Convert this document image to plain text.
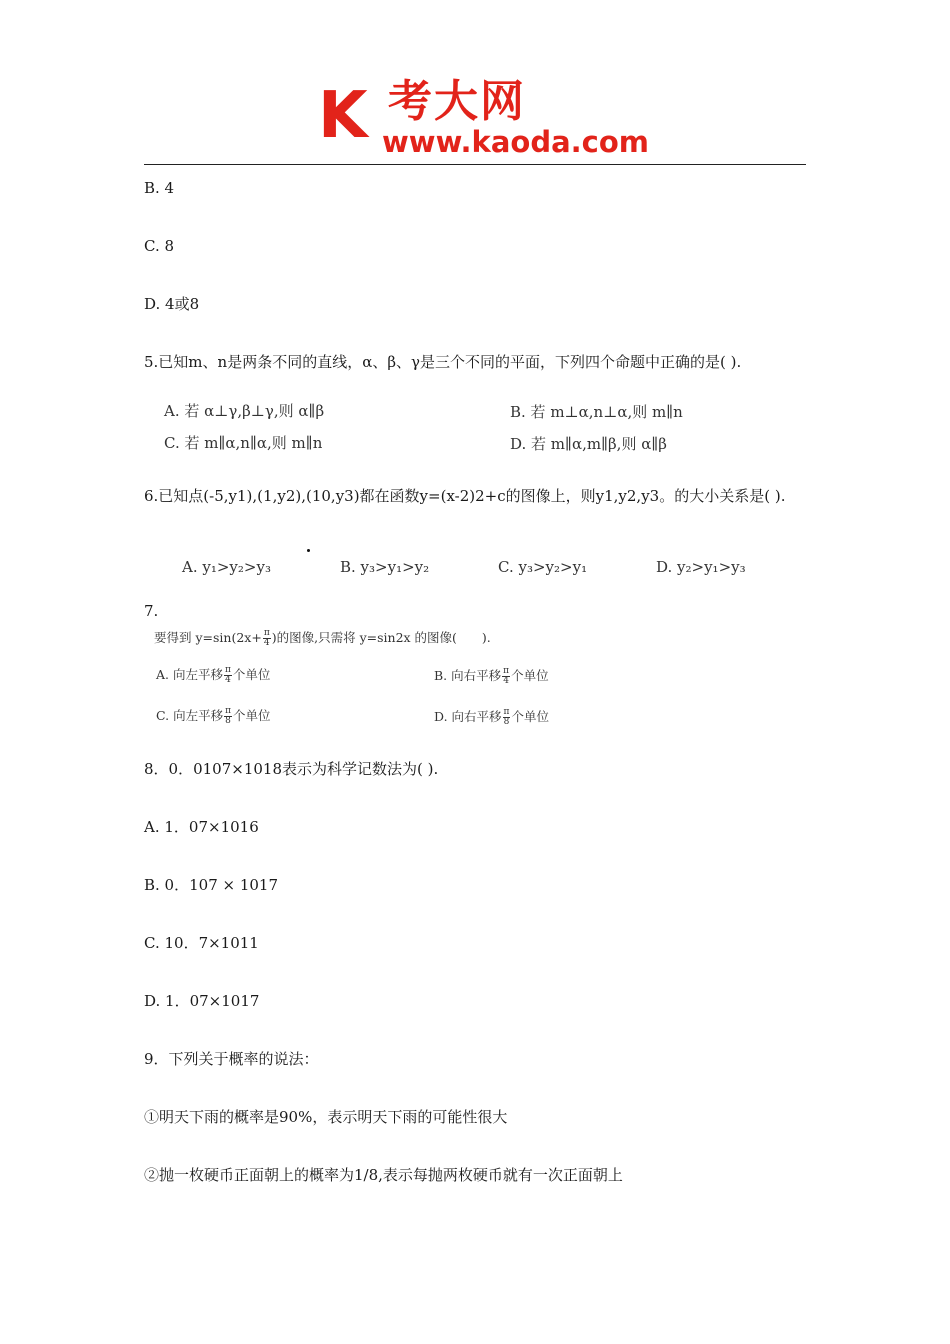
K 考大网
www.kaoda.com
B. 4
C. 8
D. 4或8
5.已知m、n是两条不同的直线，α、β、γ是三个不同的平面，下列四个命题中正确的是( ).
A. 若 α⊥γ,β⊥γ,则 α∥β	B. 若 m⊥α,n⊥α,则 m∥n
C. 若 m∥α,n∥α,则 m∥n	D. 若 m∥α,m∥β,则 α∥β
6.已知点(-5,y1),(1,y2),(10,y3)都在函数y=(x-2)2+c的图像上，则y1,y2,y3。的大小关系是( ).
A. y₁>y₂>y₃	B. y₃>y₁>y₂	C. y₃>y₂>y₁	D. y₂>y₁>y₃
7.
要得到 $y=\sin(2x+ \frac{\pi}{4}$ )的图像,只需将 y=sin2x 的图像(　　).
A. 向左平移 $\frac{\pi}{4}$ 个单位	B. 向右平移 $\frac{\pi}{4}$ 个单位
C. 向左平移 $\frac{\pi}{8}$ 个单位	D. 向右平移 $\frac{\pi}{8}$ 个单位
8．0．0107×1018表示为科学记数法为( ).
A. 1．07×1016
B. 0．107 × 1017
C. 10．7×1011
D. 1．07×1017
9．下列关于概率的说法：
①明天下雨的概率是90%，表示明天下雨的可能性很大
②抛一枚硬币正面朝上的概率为1/8,表示每抛两枚硬币就有一次正面朝上
